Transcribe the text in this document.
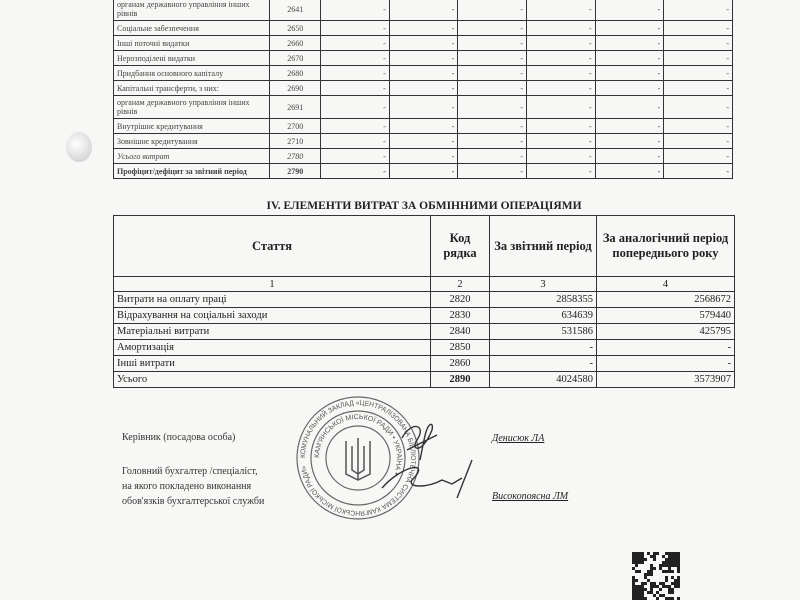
органам державного управління інших рівнів	2641	-	-	-	-	-	-
Соціальне забезпечення	2650	-	-	-	-	-	-
Інші поточні видатки	2660	-	-	-	-	-	-
Нерозподілені видатки	2670	-	-	-	-	-	-
Придбання основного капіталу	2680	-	-	-	-	-	-
Капітальні трансферти, з них:	2690	-	-	-	-	-	-
органам державного управління інших рівнів	2691	-	-	-	-	-	-
Внутрішнє кредитування	2700	-	-	-	-	-	-
Зовнішнє кредитування	2710	-	-	-	-	-	-
Усього витрат	2780	-	-	-	-	-	-
Профіцит/дефіцит за звітний період	2790	-	-	-	-	-	-
IV. ЕЛЕМЕНТИ ВИТРАТ ЗА ОБМІННИМИ ОПЕРАЦІЯМИ
Стаття	Код рядка	За звітний період	За аналогічний період попереднього року
1	2	3	4
Витрати на оплату праці	2820	2858355	2568672
Відрахування на соціальні заходи	2830	634639	579440
Матеріальні витрати	2840	531586	425795
Амортизація	2850	-	-
Інші витрати	2860	-	-
Усього	2890	4024580	3573907
Керівник (посадова особа)	Денисюк ЛА
Головний бухгалтер /спеціаліст,
на якого покладено виконання
обов'язків бухгалтерської служби	Високопоясна ЛМ
КОМУНАЛЬНИЙ ЗАКЛАД «ЦЕНТРАЛІЗОВАНА БІБЛІОТЕЧНА СИСТЕМА КАМ'ЯНСЬКОЇ МІСЬКОЇ РАДИ»
КАМ'ЯНСЬКОЇ МІСЬКОЇ РАДИ • УКРАЇНА •
